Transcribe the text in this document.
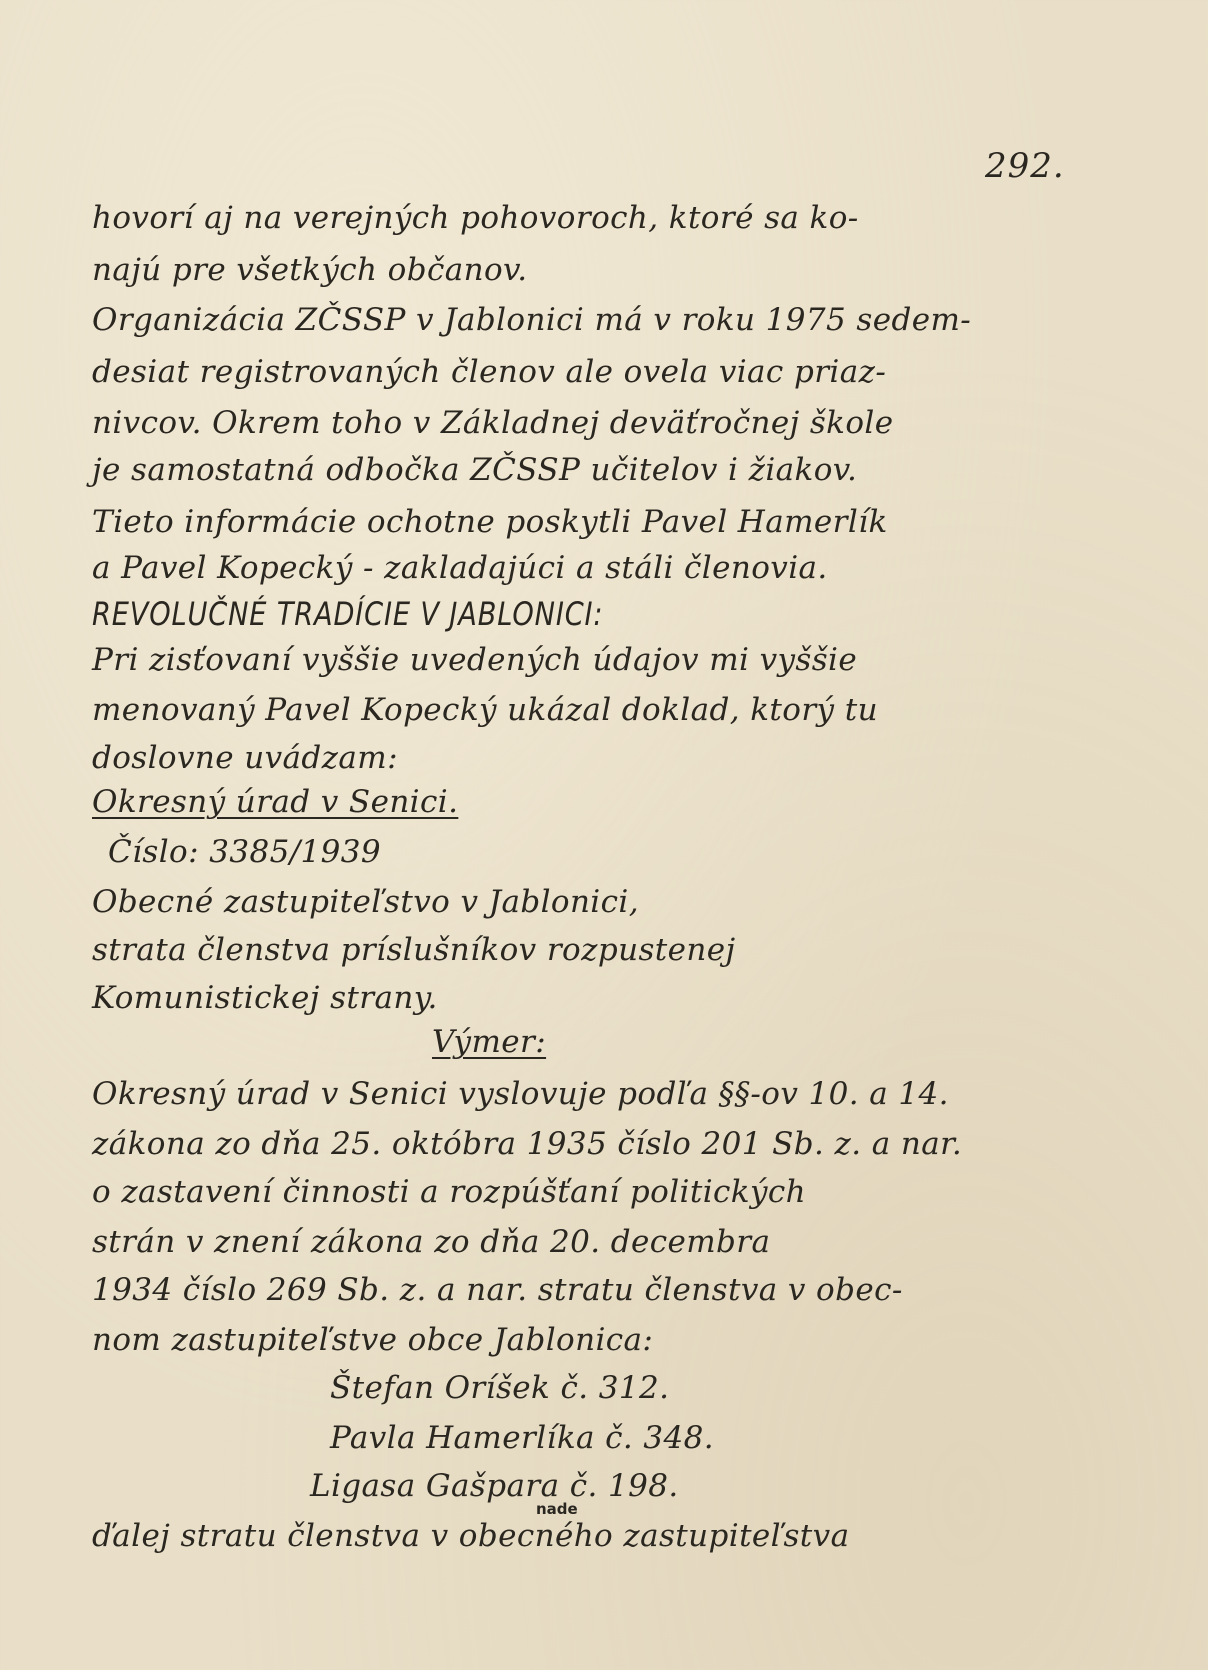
292.
hovorí aj na verejných pohovoroch, ktoré sa ko-
najú pre všetkých občanov.
Organizácia ZČSSP v Jablonici má v roku 1975 sedem-
desiat registrovaných členov ale ovela viac priaz-
nivcov. Okrem toho v Základnej deväťročnej škole
je samostatná odbočka ZČSSP učitelov i žiakov.
Tieto informácie ochotne poskytli Pavel Hamerlík
a Pavel Kopecký - zakladajúci a stáli členovia.
REVOLUČNÉ TRADÍCIE V JABLONICI:
Pri zisťovaní vyššie uvedených údajov mi vyššie
menovaný Pavel Kopecký ukázal doklad, ktorý tu
doslovne uvádzam:
Okresný úrad v Senici.
Číslo: 3385/1939
Obecné zastupiteľstvo v Jablonici,
strata členstva príslušníkov rozpustenej
Komunistickej strany.
Výmer:
Okresný úrad v Senici vyslovuje podľa §§-ov 10. a 14.
zákona zo dňa 25. októbra 1935 číslo 201 Sb. z. a nar.
o zastavení činnosti a rozpúšťaní politických
strán v znení zákona zo dňa 20. decembra
1934 číslo 269 Sb. z. a nar. stratu členstva v obec-
nom zastupiteľstve obce Jablonica:
Štefan Oríšek č. 312.
Pavla Hamerlíka č. 348.
Ligasa Gašpara č. 198.
nade
ďalej stratu členstva v obecného zastupiteľstva
